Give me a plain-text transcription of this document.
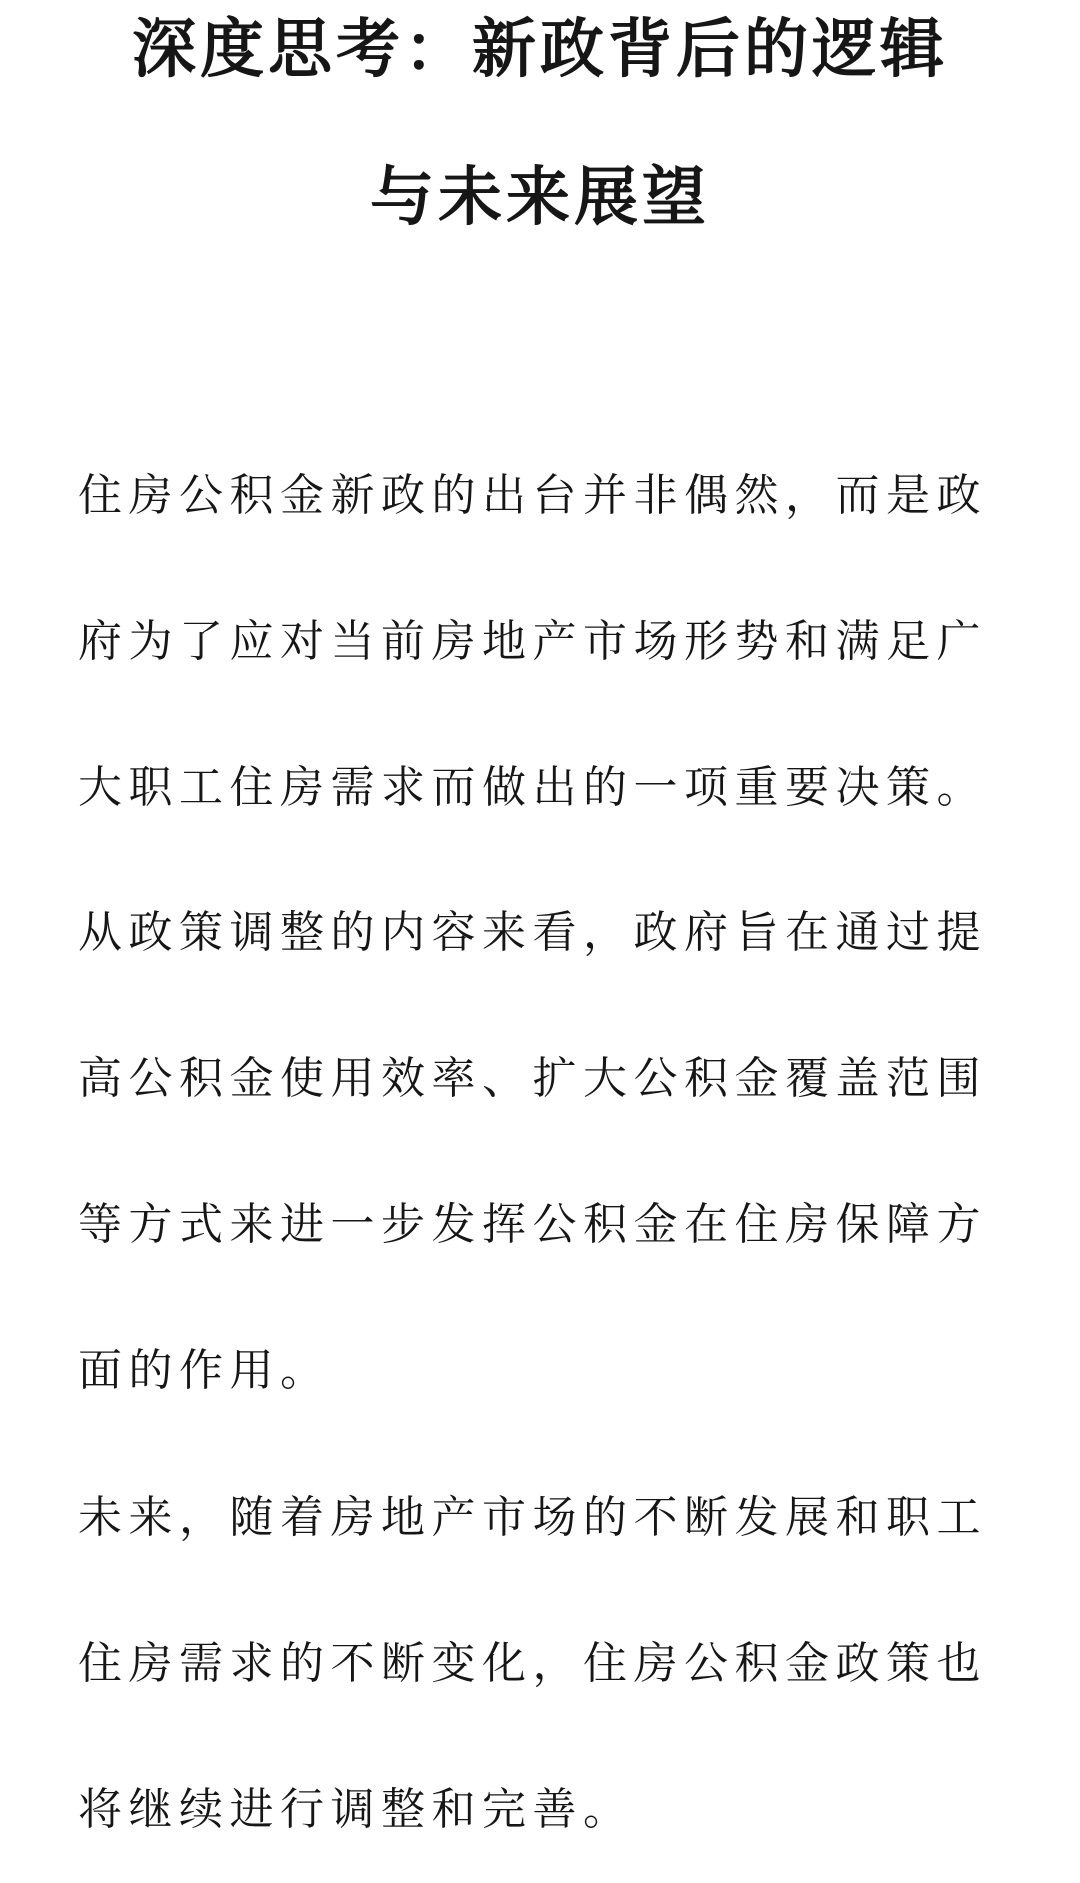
深度思考：新政背后的逻辑
与未来展望

住房公积金新政的出台并非偶然，而是政
府为了应对当前房地产市场形势和满足广
大职工住房需求而做出的一项重要决策。

从政策调整的内容来看，政府旨在通过提
高公积金使用效率、扩大公积金覆盖范围
等方式来进一步发挥公积金在住房保障方
面的作用。

未来，随着房地产市场的不断发展和职工
住房需求的不断变化，住房公积金政策也
将继续进行调整和完善。
